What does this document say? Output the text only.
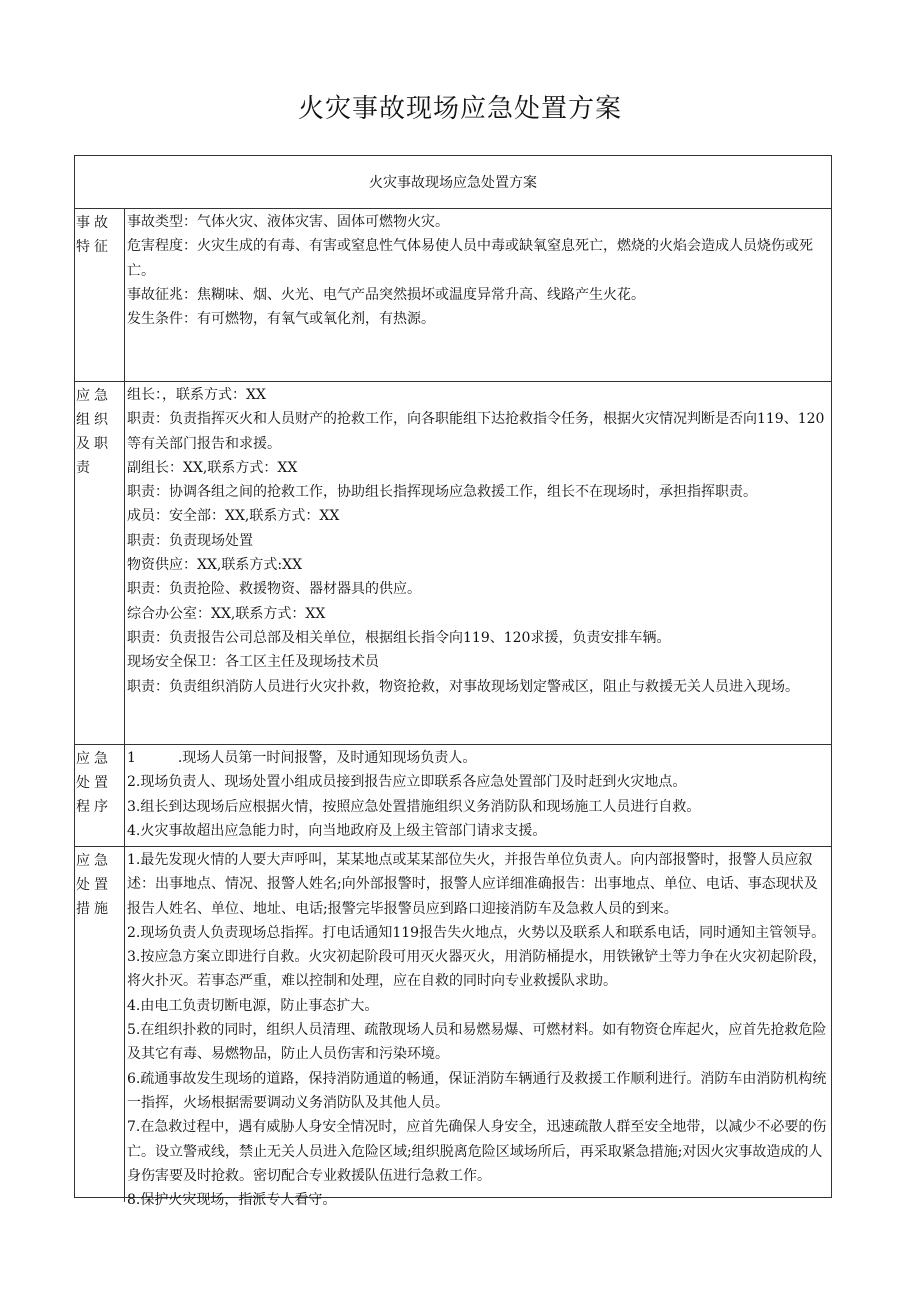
火灾事故现场应急处置方案
火灾事故现场应急处置方案
事故特征

事故类型：气体火灾、液体灾害、固体可燃物火灾。

危害程度：火灾生成的有毒、有害或窒息性气体易使人员中毒或缺氧窒息死亡，燃烧的火焰会造成人员烧伤或死亡。

事故征兆：焦糊味、烟、火光、电气产品突然损坏或温度异常升高、线路产生火花。

发生条件：有可燃物，有氧气或氧化剂，有热源。

应急组织及职责

组长：，联系方式：XX

职责：负责指挥灭火和人员财产的抢救工作，向各职能组下达抢救指令任务，根据火灾情况判断是否向119、120等有关部门报告和求援。

副组长：XX,联系方式：XX

职责：协调各组之间的抢救工作，协助组长指挥现场应急救援工作，组长不在现场时，承担指挥职责。

成员：安全部：XX,联系方式：XX

职责：负责现场处置

物资供应：XX,联系方式:XX

职责：负责抢险、救援物资、器材器具的供应。

综合办公室：XX,联系方式：XX

职责：负责报告公司总部及相关单位，根据组长指令向119、120求援，负责安排车辆。

现场安全保卫：各工区主任及现场技术员

职责：负责组织消防人员进行火灾扑救，物资抢救，对事故现场划定警戒区，阻止与救援无关人员进入现场。

应急处置程序

1　　　.现场人员第一时间报警，及时通知现场负责人。

2.现场负责人、现场处置小组成员接到报告应立即联系各应急处置部门及时赶到火灾地点。

3.组长到达现场后应根据火情，按照应急处置措施组织义务消防队和现场施工人员进行自救。

4.火灾事故超出应急能力时，向当地政府及上级主管部门请求支援。

应急处置措施

1.最先发现火情的人要大声呼叫，某某地点或某某部位失火，并报告单位负责人。向内部报警时，报警人员应叙述：出事地点、情况、报警人姓名;向外部报警时，报警人应详细准确报告：出事地点、单位、电话、事态现状及报告人姓名、单位、地址、电话;报警完毕报警员应到路口迎接消防车及急救人员的到来。

2.现场负责人负责现场总指挥。打电话通知119报告失火地点，火势以及联系人和联系电话，同时通知主管领导。

3.按应急方案立即进行自救。火灾初起阶段可用灭火器灭火，用消防桶提水，用铁锹铲土等力争在火灾初起阶段，将火扑灭。若事态严重，难以控制和处理，应在自救的同时向专业救援队求助。

4.由电工负责切断电源，防止事态扩大。

5.在组织扑救的同时，组织人员清理、疏散现场人员和易燃易爆、可燃材料。如有物资仓库起火，应首先抢救危险及其它有毒、易燃物品，防止人员伤害和污染环境。

6.疏通事故发生现场的道路，保持消防通道的畅通，保证消防车辆通行及救援工作顺利进行。消防车由消防机构统一指挥，火场根据需要调动义务消防队及其他人员。

7.在急救过程中，遇有威胁人身安全情况时，应首先确保人身安全，迅速疏散人群至安全地带，以减少不必要的伤亡。设立警戒线，禁止无关人员进入危险区域;组织脱离危险区域场所后，再采取紧急措施;对因火灾事故造成的人身伤害要及时抢救。密切配合专业救援队伍进行急救工作。

8.保护火灾现场，指派专人看守。
